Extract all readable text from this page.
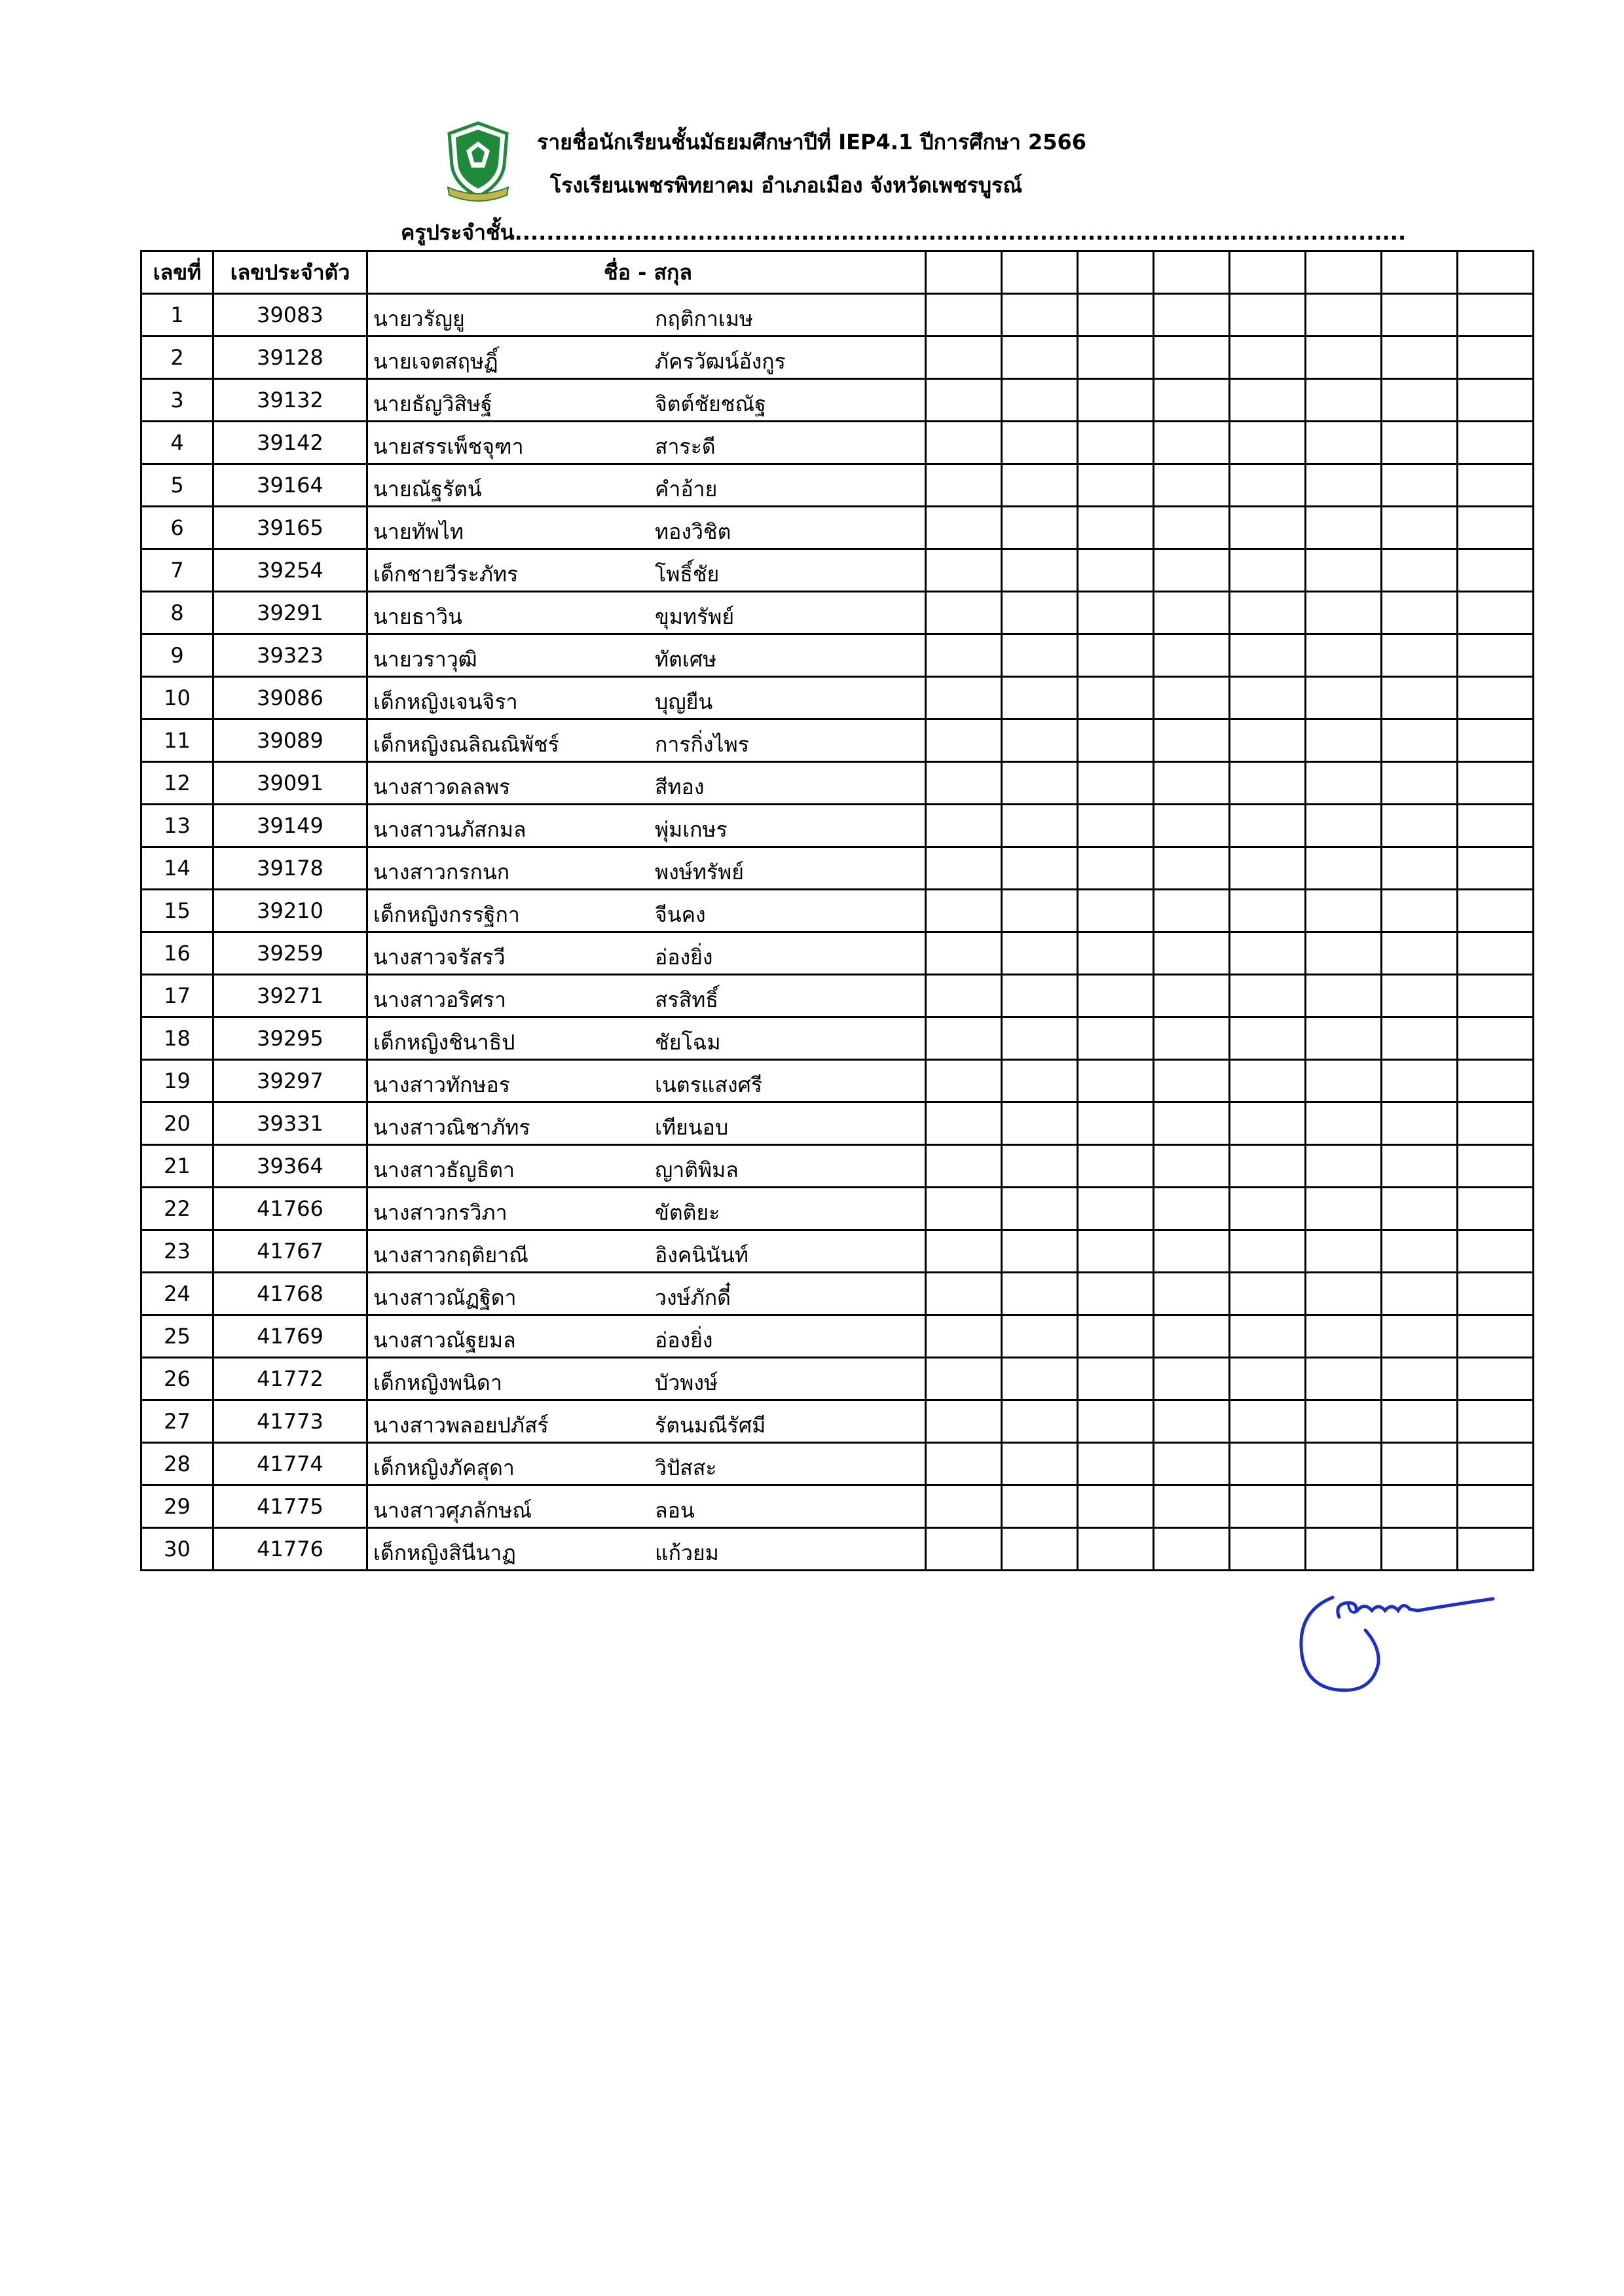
รายชื่อนักเรียนชั้นมัธยมศึกษาปีที่ IEP4.1 ปีการศึกษา 2566
โรงเรียนเพชรพิทยาคม อำเภอเมือง จังหวัดเพชรบูรณ์
ครูประจำชั้น................................................................................................................
เลขที่	เลขประจำตัว	ชื่อ - สกุล								
1	39083	นายวรัญยู กฤติกาเมษ								

2	39128	นายเจตสฤษฏิ์ ภัครวัฒน์อังกูร								

3	39132	นายธัญวิสิษฐ์ จิตต์ชัยชณัฐ								

4	39142	นายสรรเพ็ชจุฑา สาระดี								

5	39164	นายณัฐรัตน์ คำอ้าย								

6	39165	นายทัพไท ทองวิชิต								

7	39254	เด็กชายวีระภัทร โพธิ์ชัย								

8	39291	นายธาวิน ขุมทรัพย์								

9	39323	นายวราวุฒิ ทัตเศษ								

10	39086	เด็กหญิงเจนจิรา บุญยืน								

11	39089	เด็กหญิงณลิณณิพัชร์ การกิ่งไพร								

12	39091	นางสาวดลลพร สีทอง								

13	39149	นางสาวนภัสกมล พุ่มเกษร								

14	39178	นางสาวกรกนก พงษ์ทรัพย์								

15	39210	เด็กหญิงกรรฐิกา จีนคง								

16	39259	นางสาวจรัสรวี อ่องยิ่ง								

17	39271	นางสาวอริศรา สรสิทธิ์								

18	39295	เด็กหญิงชินาธิป ชัยโฉม								

19	39297	นางสาวทักษอร เนตรแสงศรี								

20	39331	นางสาวณิชาภัทร เทียนอบ								

21	39364	นางสาวธัญธิตา ญาติพิมล								

22	41766	นางสาวกรวิภา ขัตติยะ								

23	41767	นางสาวกฤติยาณี อิงคนินันท์								

24	41768	นางสาวณัฏฐิดา วงษ์ภักดี๋								

25	41769	นางสาวณัฐยมล อ่องยิ่ง								

26	41772	เด็กหญิงพนิดา บัวพงษ์								

27	41773	นางสาวพลอยปภัสร์ รัตนมณีรัศมี								

28	41774	เด็กหญิงภัคสุดา วิปัสสะ								

29	41775	นางสาวศุภลักษณ์ ลอน								

30	41776	เด็กหญิงสินีนาฏ แก้วยม								
